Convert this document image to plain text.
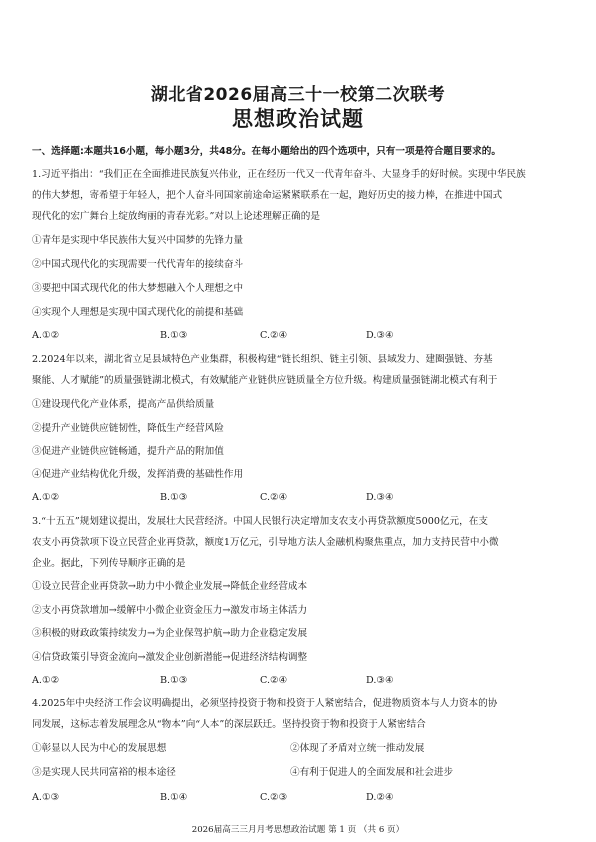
湖北省2026届高三十一校第二次联考
思想政治试题
一、选择题:本题共16小题，每小题3分，共48分。在每小题给出的四个选项中，只有一项是符合题目要求的。
1.习近平指出：“我们正在全面推进民族复兴伟业，正在经历一代又一代青年奋斗、大显身手的好时候。实现中华民族
的伟大梦想，寄希望于年轻人，把个人奋斗同国家前途命运紧紧联系在一起，跑好历史的接力棒，在推进中国式
现代化的宏广舞台上绽放绚丽的青春光彩。”对以上论述理解正确的是
①青年是实现中华民族伟大复兴中国梦的先锋力量
②中国式现代化的实现需要一代代青年的接续奋斗
③要把中国式现代化的伟大梦想融入个人理想之中
④实现个人理想是实现中国式现代化的前提和基础
A.①②	B.①③	C.②④	D.③④
2.2024年以来，湖北省立足县域特色产业集群，积极构建“链长组织、链主引领、县域发力、建圈强链、夯基
聚能、人才赋能”的质量强链湖北模式，有效赋能产业链供应链质量全方位升级。构建质量强链湖北模式有利于
①建设现代化产业体系，提高产品供给质量
②提升产业链供应链韧性，降低生产经营风险
③促进产业链供应链畅通，提升产品的附加值
④促进产业结构优化升级，发挥消费的基础性作用
A.①②	B.①③	C.②④	D.③④
3.“十五五”规划建议提出，发展壮大民营经济。中国人民银行决定增加支农支小再贷款额度5000亿元，在支
农支小再贷款项下设立民营企业再贷款，额度1万亿元，引导地方法人金融机构聚焦重点，加力支持民营中小微
企业。据此，下列传导顺序正确的是
①设立民营企业再贷款→助力中小微企业发展→降低企业经营成本
②支小再贷款增加→缓解中小微企业资金压力→激发市场主体活力
③积极的财政政策持续发力→为企业保驾护航→助力企业稳定发展
④信贷政策引导资金流向→激发企业创新潜能→促进经济结构调整
A.①②	B.①③	C.②④	D.③④
4.2025年中央经济工作会议明确提出，必须坚持投资于物和投资于人紧密结合，促进物质资本与人力资本的协
同发展，这标志着发展理念从“物本”向“人本”的深层跃迁。坚持投资于物和投资于人紧密结合
①彰显以人民为中心的发展思想	②体现了矛盾对立统一推动发展
③是实现人民共同富裕的根本途径	④有利于促进人的全面发展和社会进步
A.①③	B.①④	C.②③	D.②④
2026届高三三月月考思想政治试题 第 1 页 （共 6 页）
